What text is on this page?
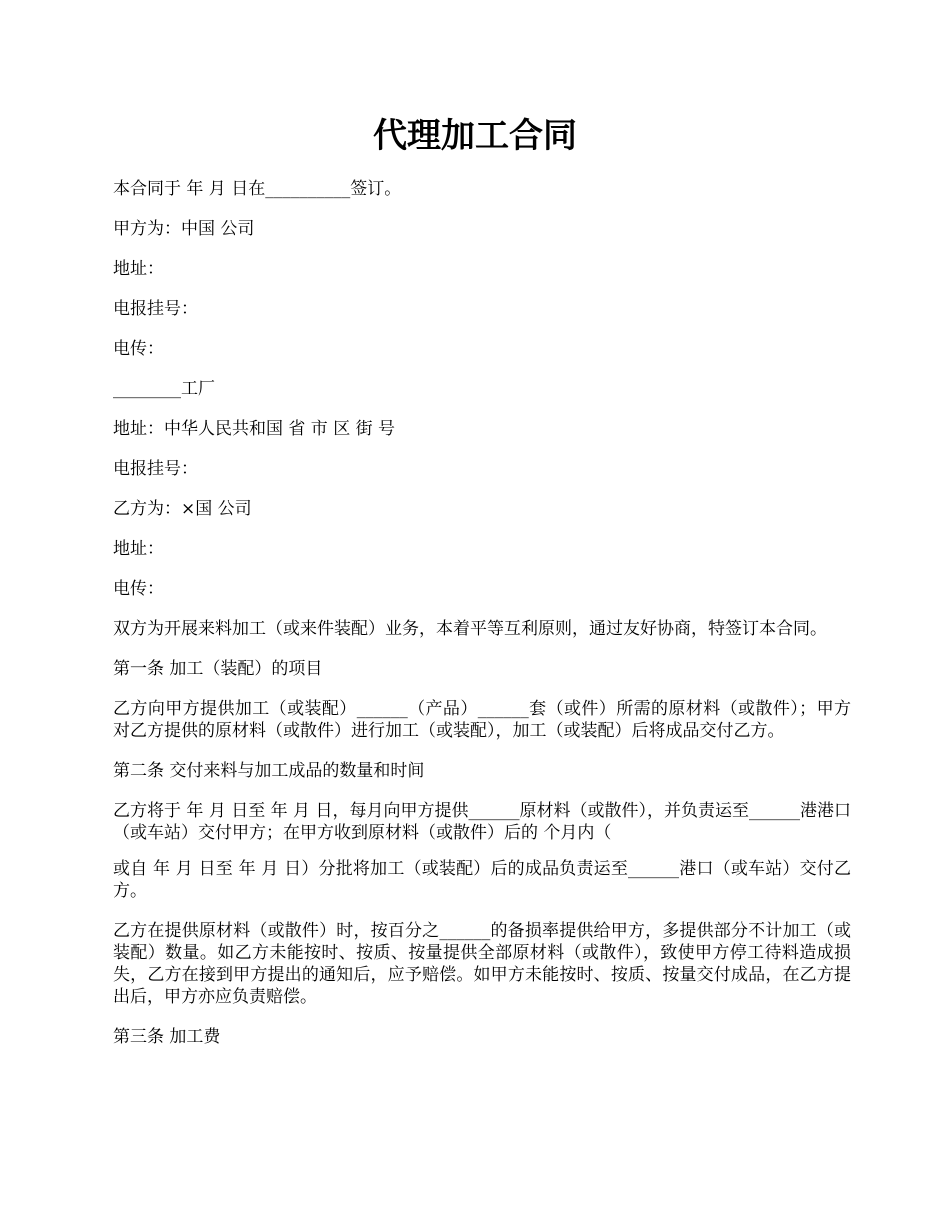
代理加工合同

本合同于 年 月 日在__________签订。

甲方为：中国 公司

地址：

电报挂号：

电传：

________工厂

地址：中华人民共和国 省 市 区 街 号

电报挂号：

乙方为：×国 公司

地址：

电传：

双方为开展来料加工（或来件装配）业务，本着平等互利原则，通过友好协商，特签订本合同。

第一条 加工（装配）的项目

乙方向甲方提供加工（或装配）______（产品）______套（或件）所需的原材料（或散件）；甲方对乙方提供的原材料（或散件）进行加工（或装配），加工（或装配）后将成品交付乙方。

第二条 交付来料与加工成品的数量和时间

乙方将于 年 月 日至 年 月 日，每月向甲方提供______原材料（或散件），并负责运至______港港口（或车站）交付甲方；在甲方收到原材料（或散件）后的 个月内（

或自 年 月 日至 年 月 日）分批将加工（或装配）后的成品负责运至______港口（或车站）交付乙方。

乙方在提供原材料（或散件）时，按百分之______的备损率提供给甲方，多提供部分不计加工（或装配）数量。如乙方未能按时、按质、按量提供全部原材料（或散件），致使甲方停工待料造成损失，乙方在接到甲方提出的通知后，应予赔偿。如甲方未能按时、按质、按量交付成品，在乙方提出后，甲方亦应负责赔偿。

第三条 加工费
